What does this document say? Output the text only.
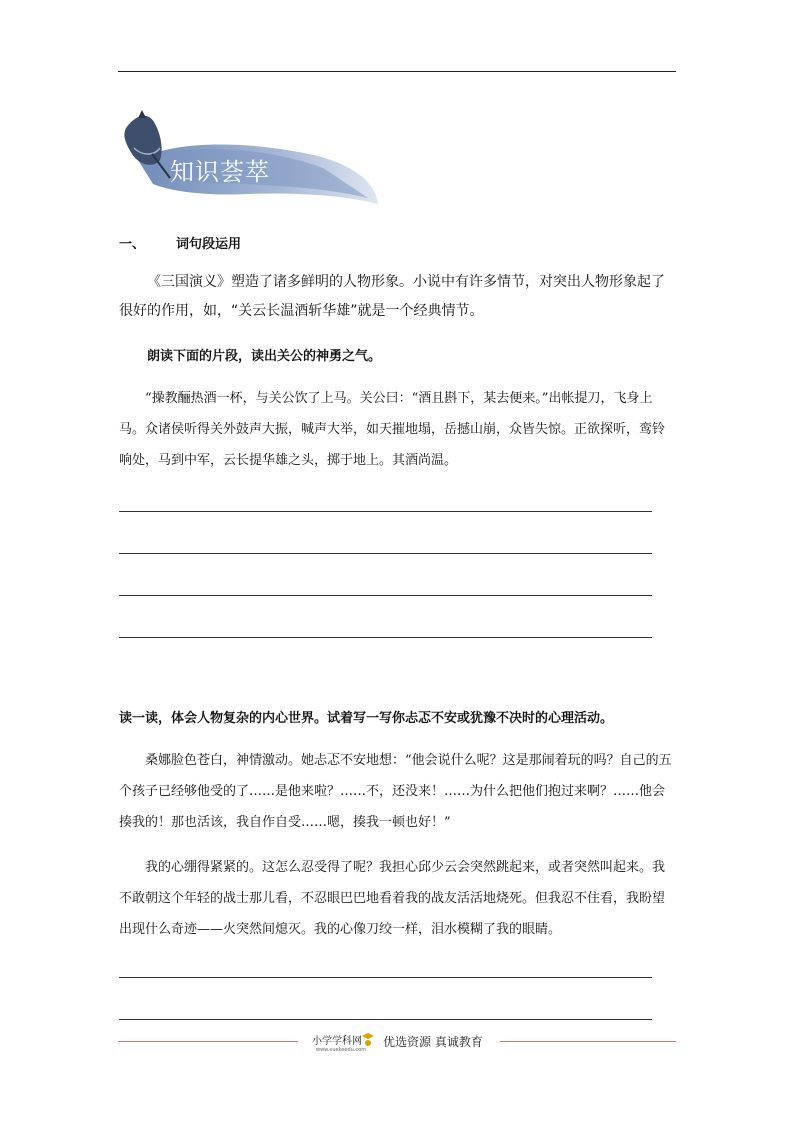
知识荟萃
一、 词句段运用

《三国演义》塑造了诸多鲜明的人物形象。小说中有许多情节，对突出人物形象起了很好的作用，如，“关云长温酒斩华雄”就是一个经典情节。

朗读下面的片段，读出关公的神勇之气。

“操教酾热酒一杯，与关公饮了上马。关公曰：“酒且斟下，某去便来。”出帐提刀，飞身上马。众诸侯听得关外鼓声大振，喊声大举，如天摧地塌，岳撼山崩，众皆失惊。正欲探听，鸾铃响处，马到中军，云长提华雄之头，掷于地上。其酒尚温。

读一读，体会人物复杂的内心世界。试着写一写你忐忑不安或犹豫不决时的心理活动。

桑娜脸色苍白，神情激动。她忐忑不安地想：“他会说什么呢？这是那闹着玩的吗？自己的五个孩子已经够他受的了……是他来啦？……不，还没来！……为什么把他们抱过来啊？……他会揍我的！那也活该，我自作自受……嗯，揍我一顿也好！”

我的心绷得紧紧的。这怎么忍受得了呢？我担心邱少云会突然跳起来，或者突然叫起来。我不敢朝这个年轻的战士那儿看，不忍眼巴巴地看着我的战友活活地烧死。但我忍不住看，我盼望出现什么奇迹——火突然间熄灭。我的心像刀绞一样，泪水模糊了我的眼睛。

小学学科网
www.xuekeedu.com
优选资源 真诚教育
